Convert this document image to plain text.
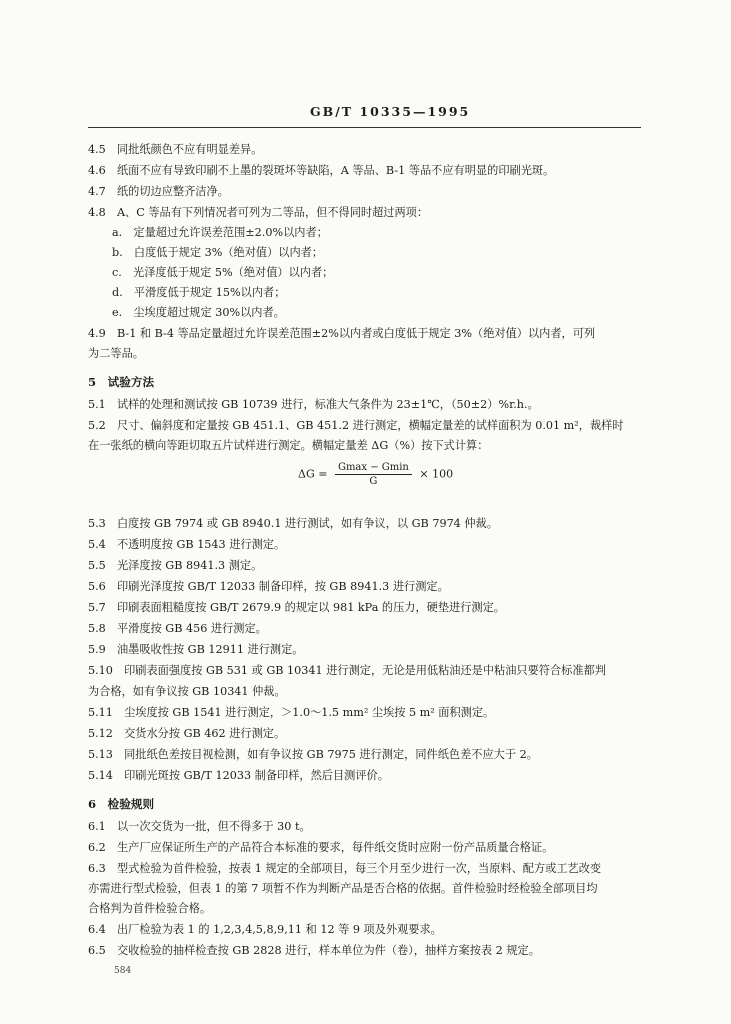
GB/T 10335—1995
4.5　同批纸颜色不应有明显差异。
4.6　纸面不应有导致印刷不上墨的裂斑坏等缺陷，A 等品、B-1 等品不应有明显的印刷光斑。
4.7　纸的切边应整齐洁净。
4.8　A、C 等品有下列情况者可列为二等品，但不得同时超过两项：
a.　定量超过允许误差范围±2.0%以内者；
b.　白度低于规定 3%（绝对值）以内者；
c.　光泽度低于规定 5%（绝对值）以内者；
d.　平滑度低于规定 15%以内者；
e.　尘埃度超过规定 30%以内者。
4.9　B-1 和 B-4 等品定量超过允许误差范围±2%以内者或白度低于规定 3%（绝对值）以内者，可列
为二等品。
5　试验方法
5.1　试样的处理和测试按 GB 10739 进行，标准大气条件为 23±1℃，（50±2）%r.h.。
5.2　尺寸、偏斜度和定量按 GB 451.1、GB 451.2 进行测定，横幅定量差的试样面积为 0.01 m²，裁样时
在一张纸的横向等距切取五片试样进行测定。横幅定量差 ΔG（%）按下式计算：
$\Delta G = \frac{Gmax - Gmin}{G} \times 100$
5.3　白度按 GB 7974 或 GB 8940.1 进行测试，如有争议，以 GB 7974 仲裁。
5.4　不透明度按 GB 1543 进行测定。
5.5　光泽度按 GB 8941.3 测定。
5.6　印刷光泽度按 GB/T 12033 制备印样，按 GB 8941.3 进行测定。
5.7　印刷表面粗糙度按 GB/T 2679.9 的规定以 981 kPa 的压力，硬垫进行测定。
5.8　平滑度按 GB 456 进行测定。
5.9　油墨吸收性按 GB 12911 进行测定。
5.10　印刷表面强度按 GB 531 或 GB 10341 进行测定，无论是用低粘油还是中粘油只要符合标准都判
为合格，如有争议按 GB 10341 仲裁。
5.11　尘埃度按 GB 1541 进行测定，＞1.0～1.5 mm² 尘埃按 5 m² 面积测定。
5.12　交货水分按 GB 462 进行测定。
5.13　同批纸色差按目视检测，如有争议按 GB 7975 进行测定，同件纸色差不应大于 2。
5.14　印刷光斑按 GB/T 12033 制备印样，然后目测评价。
6　检验规则
6.1　以一次交货为一批，但不得多于 30 t。
6.2　生产厂应保证所生产的产品符合本标准的要求，每件纸交货时应附一份产品质量合格证。
6.3　型式检验为首件检验，按表 1 规定的全部项目，每三个月至少进行一次，当原料、配方或工艺改变
亦需进行型式检验，但表 1 的第 7 项暂不作为判断产品是否合格的依据。首件检验时经检验全部项目均
合格判为首件检验合格。
6.4　出厂检验为表 1 的 1,2,3,4,5,8,9,11 和 12 等 9 项及外观要求。
6.5　交收检验的抽样检查按 GB 2828 进行，样本单位为件（卷），抽样方案按表 2 规定。
584
